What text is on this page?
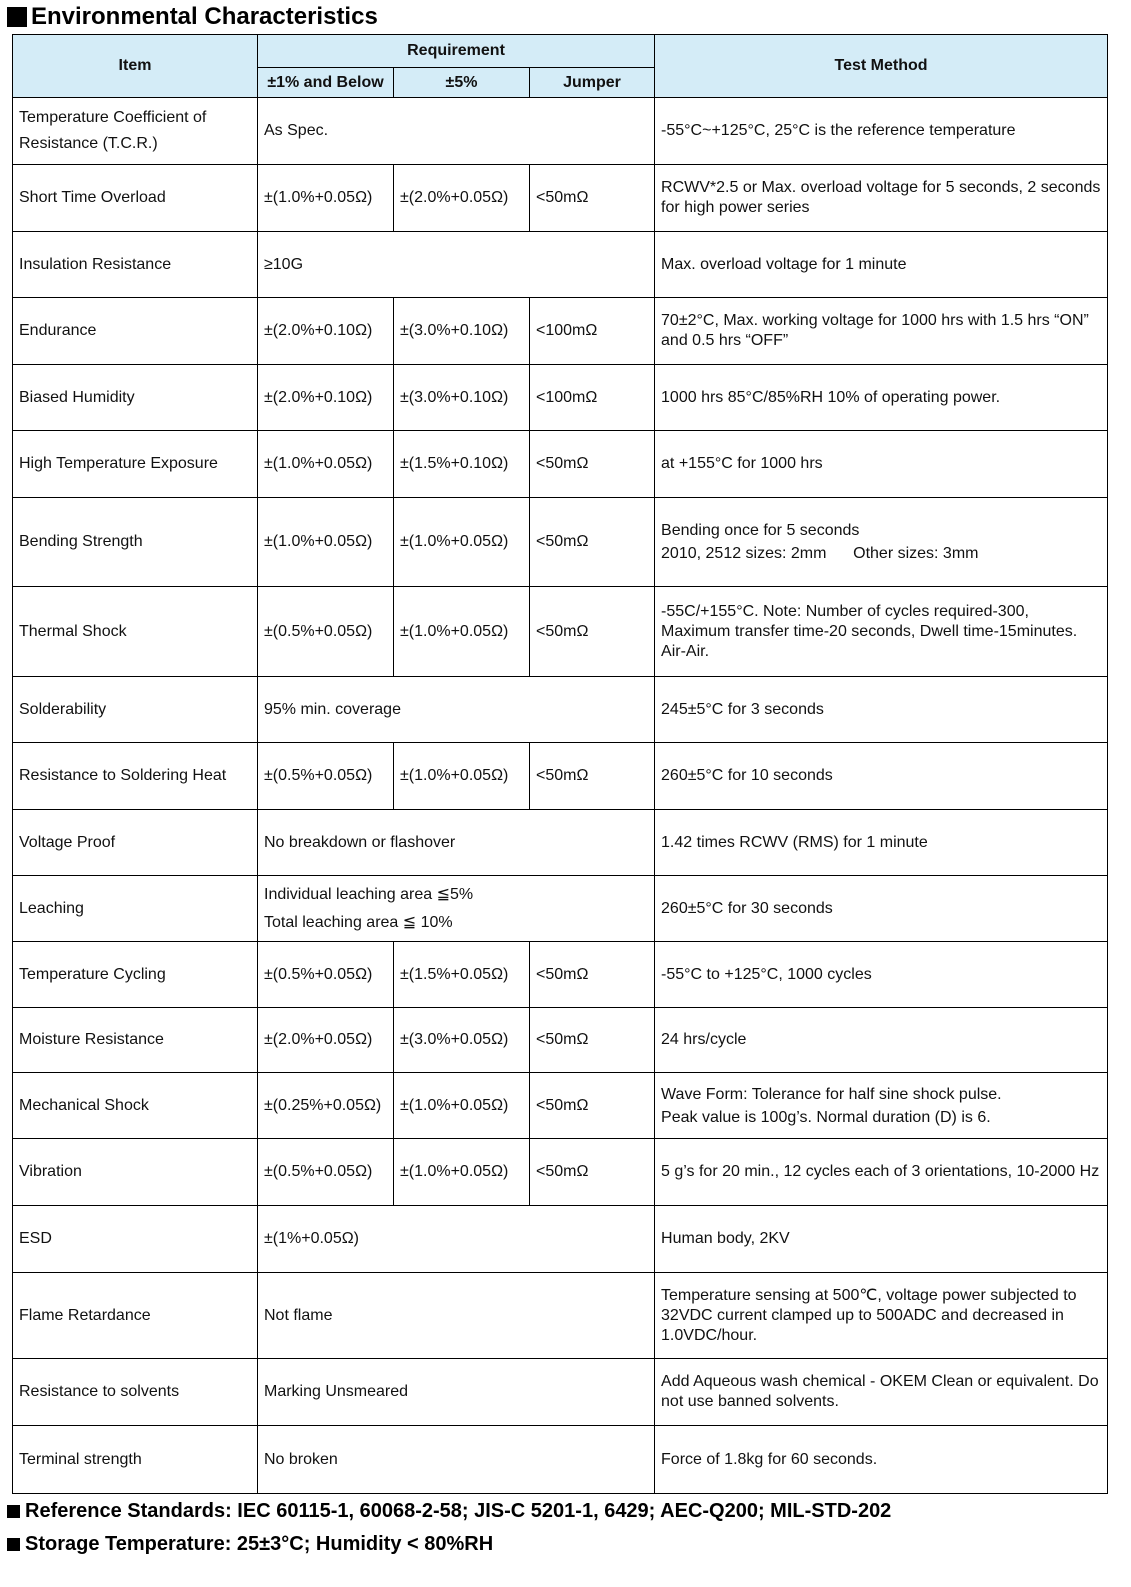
Environmental Characteristics
Item	Requirement			Test Method
	±1% and Below	±5%	Jumper	
Temperature Coefficient of Resistance (T.C.R.)	As Spec.			-55°C~+125°C, 25°C is the reference temperature
Short Time Overload	±(1.0%+0.05Ω)	±(2.0%+0.05Ω)	<50mΩ	RCWV*2.5 or Max. overload voltage for 5 seconds, 2 seconds for high power series
Insulation Resistance	≥10G			Max. overload voltage for 1 minute
Endurance	±(2.0%+0.10Ω)	±(3.0%+0.10Ω)	<100mΩ	70±2°C, Max. working voltage for 1000 hrs with 1.5 hrs “ON” and 0.5 hrs “OFF”
Biased Humidity	±(2.0%+0.10Ω)	±(3.0%+0.10Ω)	<100mΩ	1000 hrs 85°C/85%RH 10% of operating power.
High Temperature Exposure	±(1.0%+0.05Ω)	±(1.5%+0.10Ω)	<50mΩ	at +155°C for 1000 hrs
Bending Strength	±(1.0%+0.05Ω)	±(1.0%+0.05Ω)	<50mΩ	Bending once for 5 seconds
2010, 2512 sizes: 2mm      Other sizes: 3mm

Thermal Shock	±(0.5%+0.05Ω)	±(1.0%+0.05Ω)	<50mΩ	-55C/+155°C. Note: Number of cycles required-300, Maximum transfer time-20 seconds, Dwell time-15minutes. Air-Air.
Solderability	95% min. coverage			245±5°C for 3 seconds
Resistance to Soldering Heat	±(0.5%+0.05Ω)	±(1.0%+0.05Ω)	<50mΩ	260±5°C for 10 seconds
Voltage Proof	No breakdown or flashover			1.42 times RCWV (RMS) for 1 minute
Leaching	Individual leaching area ≦5%
Total leaching area ≦ 10%			260±5°C for 30 seconds
Temperature Cycling	±(0.5%+0.05Ω)	±(1.5%+0.05Ω)	<50mΩ	-55°C to +125°C, 1000 cycles
Moisture Resistance	±(2.0%+0.05Ω)	±(3.0%+0.05Ω)	<50mΩ	24 hrs/cycle
Mechanical Shock	±(0.25%+0.05Ω)	±(1.0%+0.05Ω)	<50mΩ	Wave Form: Tolerance for half sine shock pulse.
Peak value is 100g’s. Normal duration (D) is 6.

Vibration	±(0.5%+0.05Ω)	±(1.0%+0.05Ω)	<50mΩ	5 g’s for 20 min., 12 cycles each of 3 orientations, 10-2000 Hz
ESD	±(1%+0.05Ω)			Human body, 2KV
Flame Retardance	Not flame			Temperature sensing at 500℃, voltage power subjected to 32VDC current clamped up to 500ADC and decreased in 1.0VDC/hour.
Resistance to solvents	Marking Unsmeared			Add Aqueous wash chemical - OKEM Clean or equivalent. Do not use banned solvents.
Terminal strength	No broken			Force of 1.8kg for 60 seconds.
Reference Standards: IEC 60115-1, 60068-2-58; JIS-C 5201-1, 6429; AEC-Q200; MIL-STD-202
Storage Temperature: 25±3°C; Humidity < 80%RH
